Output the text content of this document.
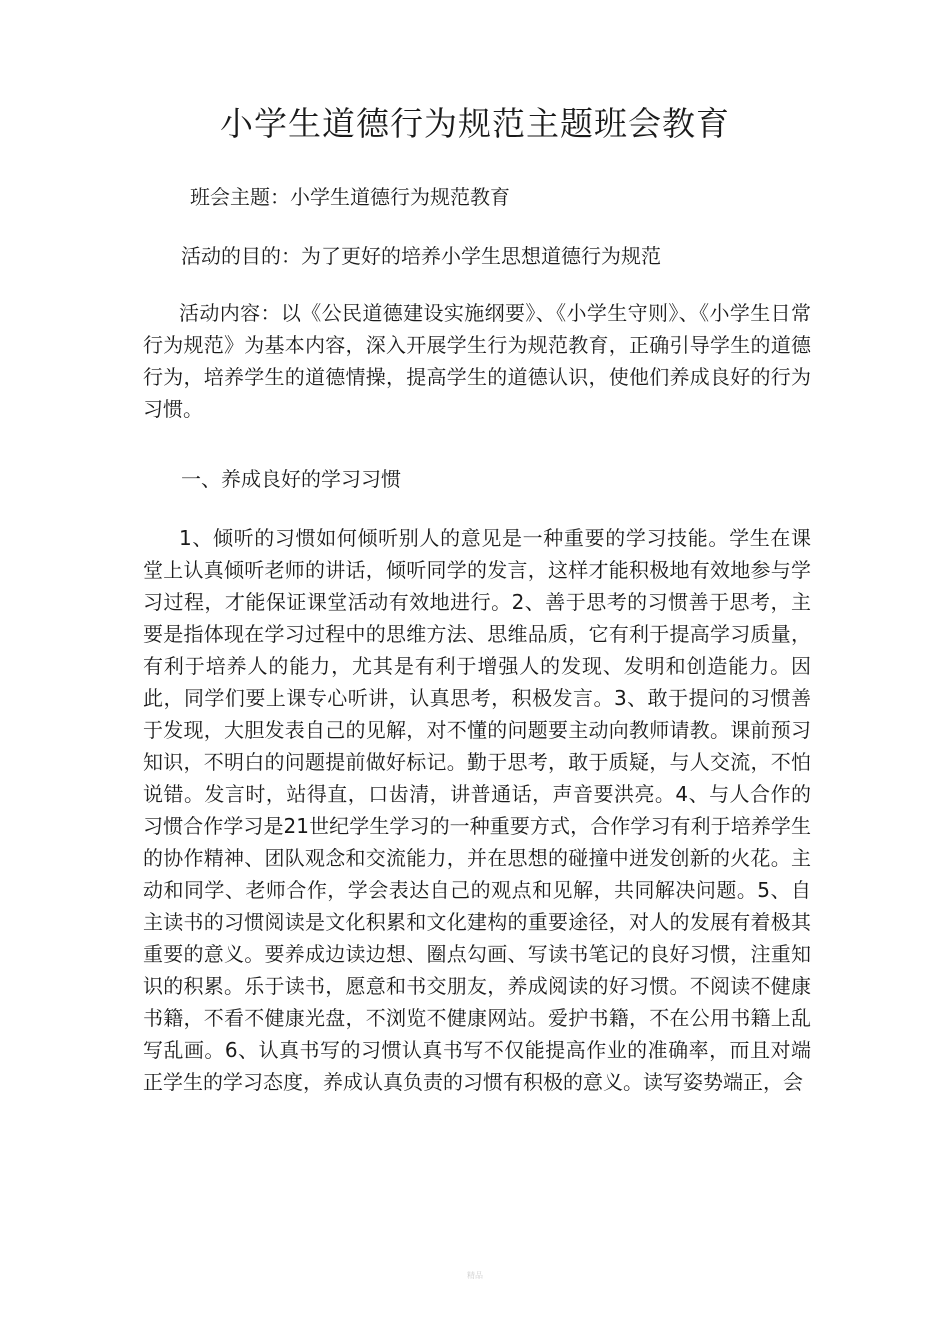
小学生道德行为规范主题班会教育

班会主题：小学生道德行为规范教育

活动的目的：为了更好的培养小学生思想道德行为规范

活动内容：以《公民道德建设实施纲要》、《小学生守则》、《小学生日常行为规范》为基本内容，深入开展学生行为规范教育，正确引导学生的道德行为，培养学生的道德情操，提高学生的道德认识，使他们养成良好的行为习惯。

一、养成良好的学习习惯

1、倾听的习惯如何倾听别人的意见是一种重要的学习技能。学生在课堂上认真倾听老师的讲话，倾听同学的发言，这样才能积极地有效地参与学习过程，才能保证课堂活动有效地进行。2、善于思考的习惯善于思考，主要是指体现在学习过程中的思维方法、思维品质，它有利于提高学习质量，有利于培养人的能力，尤其是有利于增强人的发现、发明和创造能力。因此，同学们要上课专心听讲，认真思考，积极发言。3、敢于提问的习惯善于发现，大胆发表自己的见解，对不懂的问题要主动向教师请教。课前预习知识，不明白的问题提前做好标记。勤于思考，敢于质疑，与人交流，不怕说错。发言时，站得直，口齿清，讲普通话，声音要洪亮。4、与人合作的习惯合作学习是21世纪学生学习的一种重要方式，合作学习有利于培养学生的协作精神、团队观念和交流能力，并在思想的碰撞中迸发创新的火花。主动和同学、老师合作，学会表达自己的观点和见解，共同解决问题。5、自主读书的习惯阅读是文化积累和文化建构的重要途径，对人的发展有着极其重要的意义。要养成边读边想、圈点勾画、写读书笔记的良好习惯，注重知识的积累。乐于读书，愿意和书交朋友，养成阅读的好习惯。不阅读不健康书籍，不看不健康光盘，不浏览不健康网站。爱护书籍，不在公用书籍上乱写乱画。6、认真书写的习惯认真书写不仅能提高作业的准确率，而且对端正学生的学习态度，养成认真负责的习惯有积极的意义。读写姿势端正，会

精品
